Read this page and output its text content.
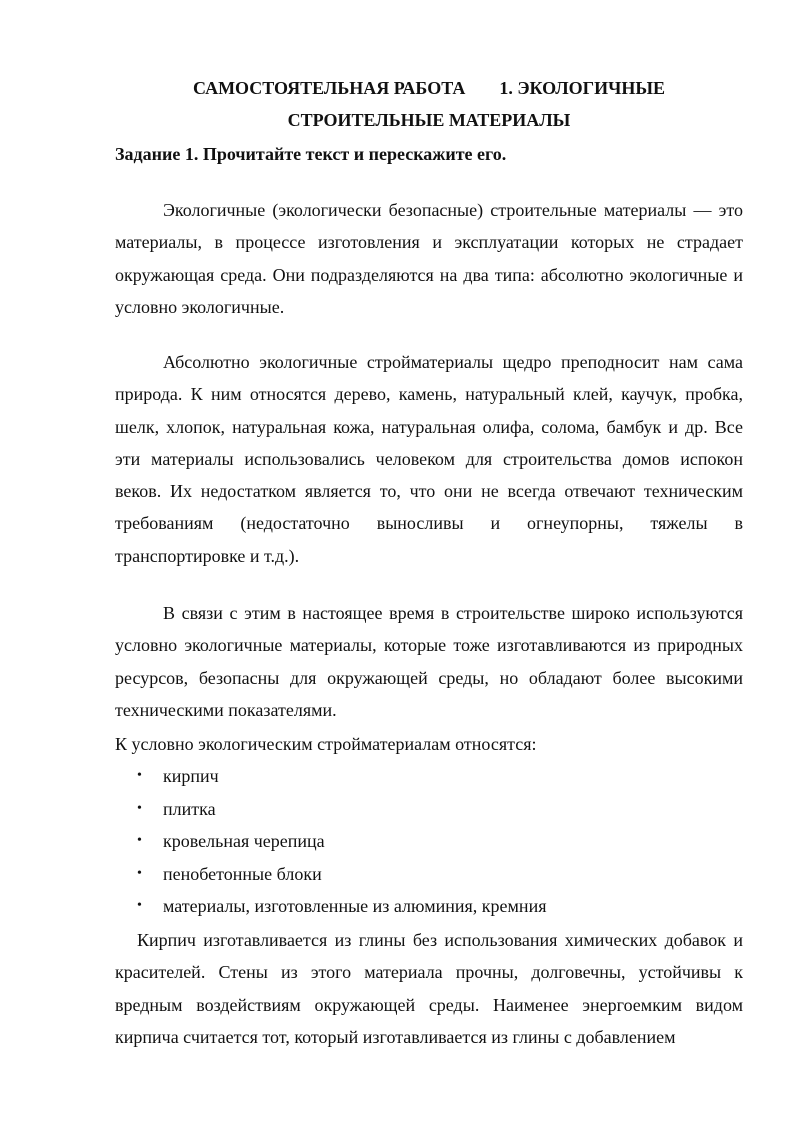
САМОСТОЯТЕЛЬНАЯ РАБОТА 1. ЭКОЛОГИЧНЫЕ
СТРОИТЕЛЬНЫЕ МАТЕРИАЛЫ
Задание 1. Прочитайте текст и перескажите его.

Экологичные (экологически безопасные) строительные материалы — это материалы, в процессе изготовления и эксплуатации которых не страдает окружающая среда. Они подразделяются на два типа: абсолютно экологичные и условно экологичные.

Абсолютно экологичные стройматериалы щедро преподносит нам сама природа. К ним относятся дерево, камень, натуральный клей, каучук, пробка, шелк, хлопок, натуральная кожа, натуральная олифа, солома, бамбук и др. Все эти материалы использовались человеком для строительства домов испокон веков. Их недостатком является то, что они не всегда отвечают техническим требованиям (недостаточно выносливы и огнеупорны, тяжелы в транспортировке и т.д.).

В связи с этим в настоящее время в строительстве широко используются условно экологичные материалы, которые тоже изготавливаются из природных ресурсов, безопасны для окружающей среды, но обладают более высокими техническими показателями.

К условно экологическим стройматериалам относятся:

• кирпич
• плитка
• кровельная черепица
• пенобетонные блоки
• материалы, изготовленные из алюминия, кремния

Кирпич изготавливается из глины без использования химических добавок и красителей. Стены из этого материала прочны, долговечны, устойчивы к вредным воздействиям окружающей среды. Наименее энергоемким видом кирпича считается тот, который изготавливается из глины с добавлением
